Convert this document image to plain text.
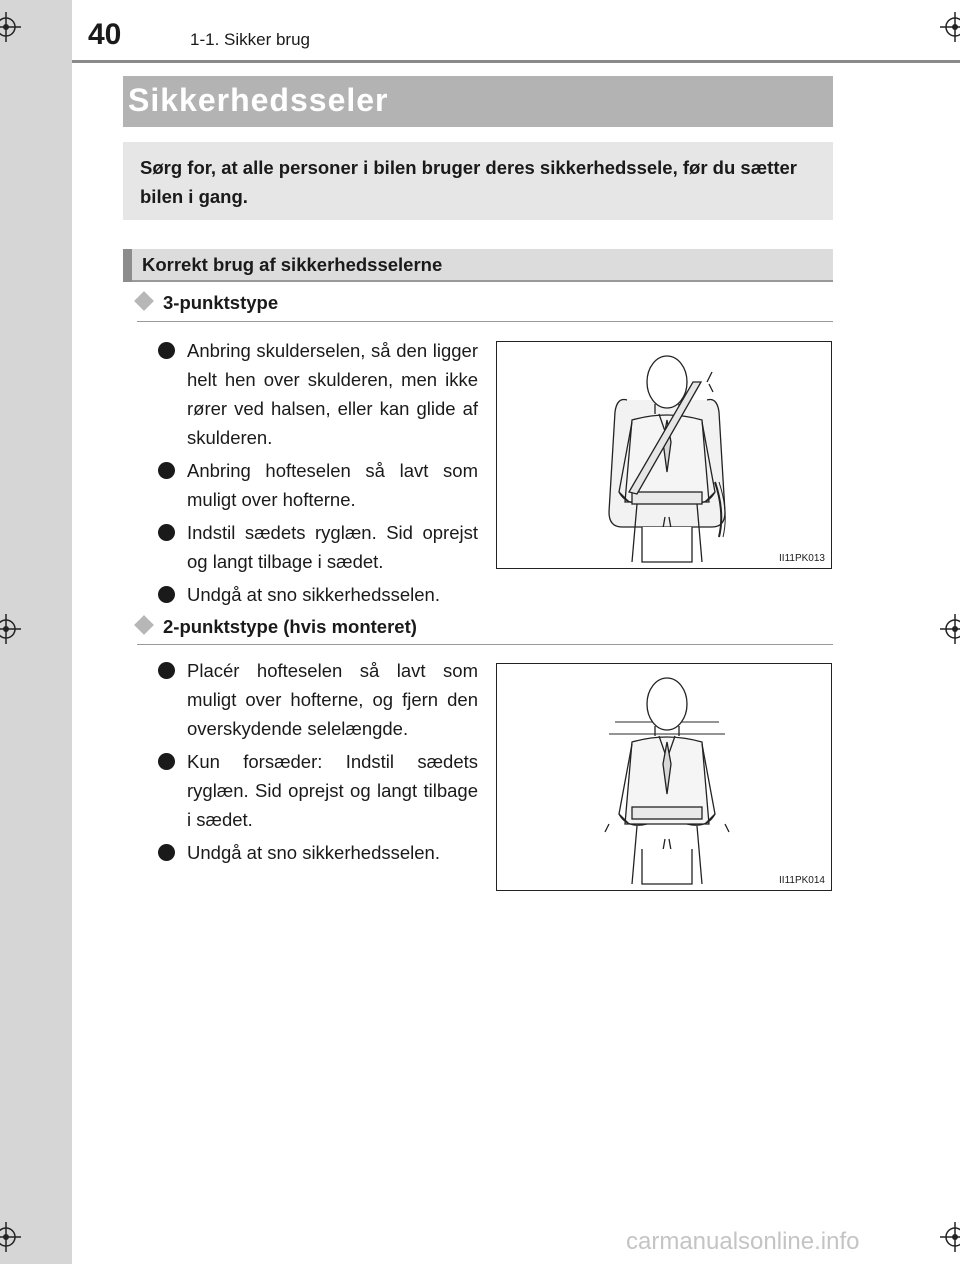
40	1-1. Sikker brug
Sikkerhedsseler
Sørg for, at alle personer i bilen bruger deres sikkerhedssele, før du sætter bilen i gang.
Korrekt brug af sikkerhedsselerne
3-punktstype
Anbring skulderselen, så den ligger helt hen over skulderen, men ikke rører ved halsen, eller kan glide af skulderen.
Anbring hofteselen så lavt som muligt over hofterne.
Indstil sædets ryglæn. Sid oprejst og langt tilbage i sædet.
Undgå at sno sikkerhedsselen.
II11PK013
2-punktstype (hvis monteret)
Placér hofteselen så lavt som muligt over hofterne, og fjern den overskydende selelængde.
Kun forsæder: Indstil sædets ryglæn. Sid oprejst og langt tilbage i sædet.
Undgå at sno sikkerhedsselen.
II11PK014
carmanualsonline.info
